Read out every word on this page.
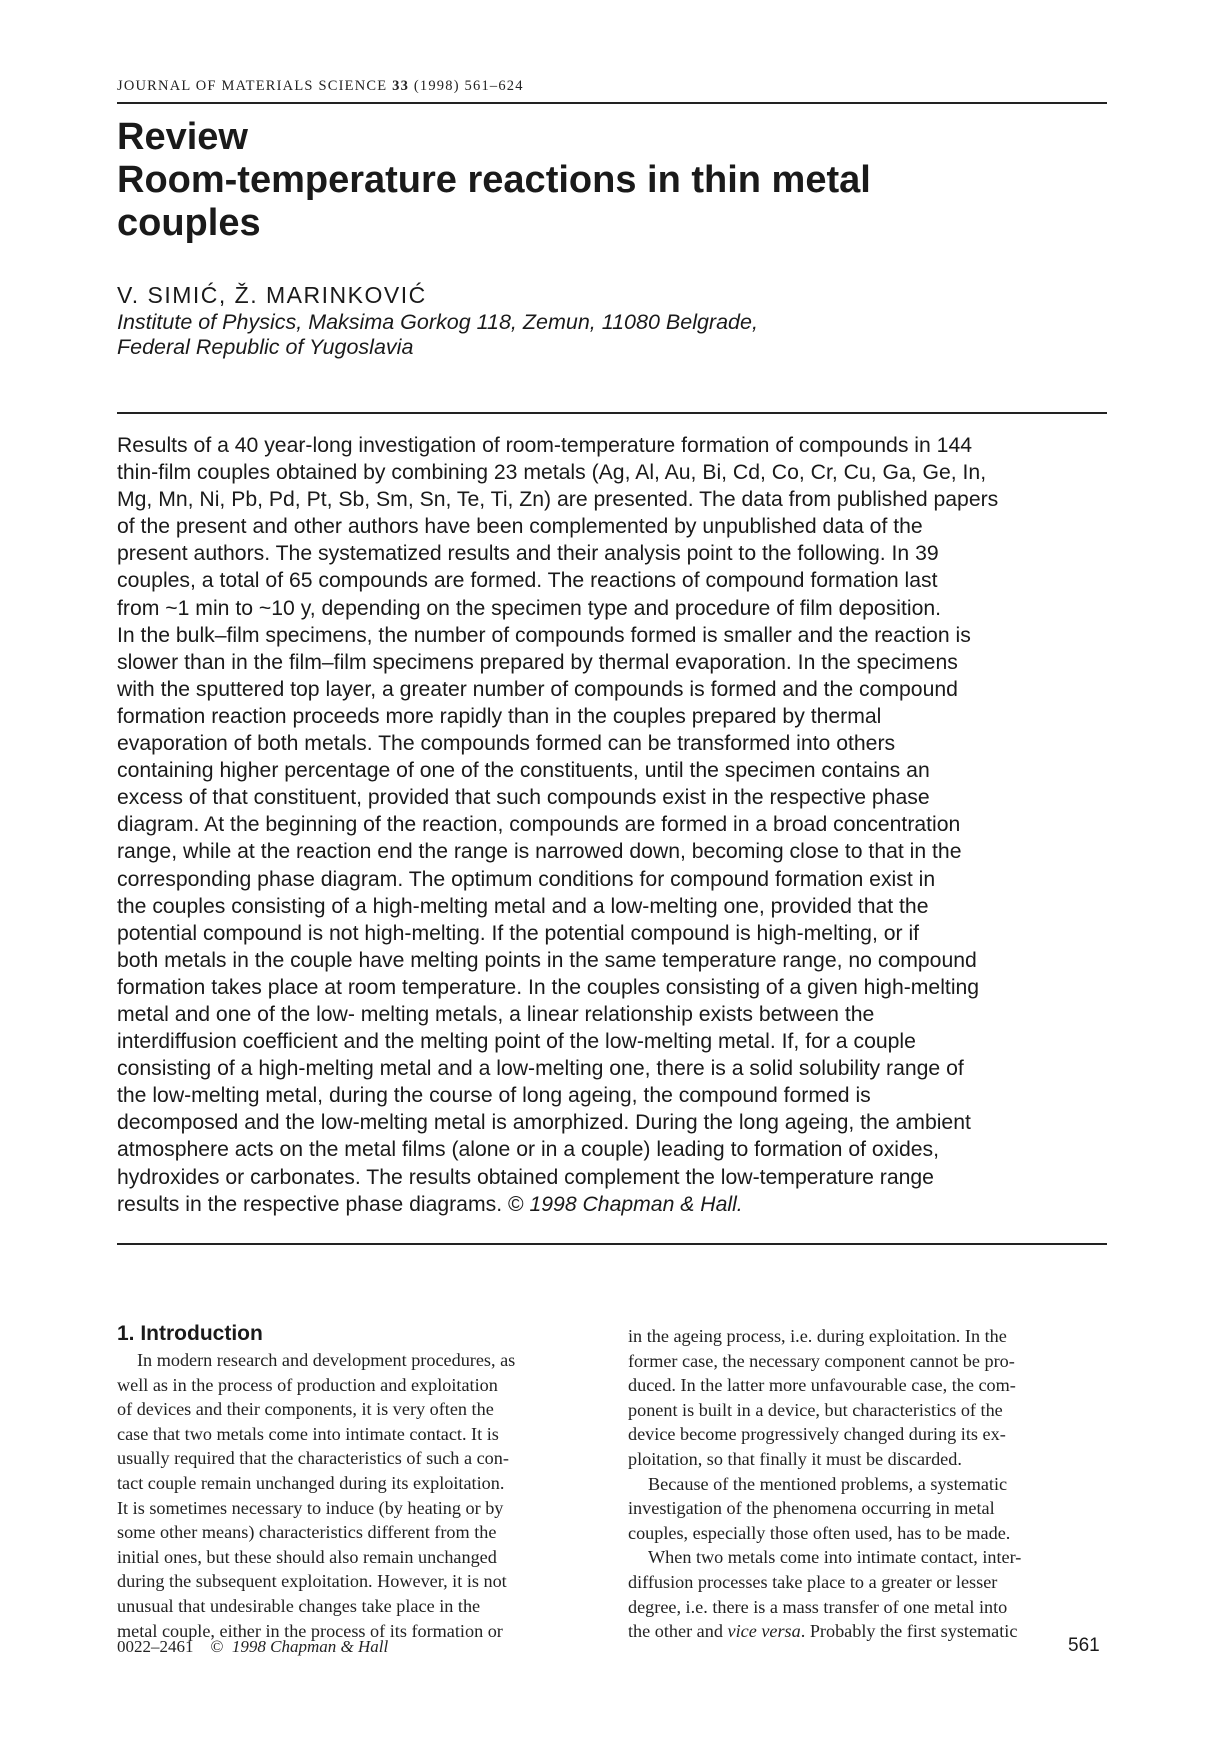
JOURNAL OF MATERIALS SCIENCE 33 (1998) 561–624
Review
Room-temperature reactions in thin metal
couples
V. SIMIĆ, Ž. MARINKOVIĆ
Institute of Physics, Maksima Gorkog 118, Zemun, 11080 Belgrade,
Federal Republic of Yugoslavia
Results of a 40 year-long investigation of room-temperature formation of compounds in 144
thin-film couples obtained by combining 23 metals (Ag, Al, Au, Bi, Cd, Co, Cr, Cu, Ga, Ge, In,
Mg, Mn, Ni, Pb, Pd, Pt, Sb, Sm, Sn, Te, Ti, Zn) are presented. The data from published papers
of the present and other authors have been complemented by unpublished data of the
present authors. The systematized results and their analysis point to the following. In 39
couples, a total of 65 compounds are formed. The reactions of compound formation last
from ~1 min to ~10 y, depending on the specimen type and procedure of film deposition.
In the bulk–film specimens, the number of compounds formed is smaller and the reaction is
slower than in the film–film specimens prepared by thermal evaporation. In the specimens
with the sputtered top layer, a greater number of compounds is formed and the compound
formation reaction proceeds more rapidly than in the couples prepared by thermal
evaporation of both metals. The compounds formed can be transformed into others
containing higher percentage of one of the constituents, until the specimen contains an
excess of that constituent, provided that such compounds exist in the respective phase
diagram. At the beginning of the reaction, compounds are formed in a broad concentration
range, while at the reaction end the range is narrowed down, becoming close to that in the
corresponding phase diagram. The optimum conditions for compound formation exist in
the couples consisting of a high-melting metal and a low-melting one, provided that the
potential compound is not high-melting. If the potential compound is high-melting, or if
both metals in the couple have melting points in the same temperature range, no compound
formation takes place at room temperature. In the couples consisting of a given high-melting
metal and one of the low- melting metals, a linear relationship exists between the
interdiffusion coefficient and the melting point of the low-melting metal. If, for a couple
consisting of a high-melting metal and a low-melting one, there is a solid solubility range of
the low-melting metal, during the course of long ageing, the compound formed is
decomposed and the low-melting metal is amorphized. During the long ageing, the ambient
atmosphere acts on the metal films (alone or in a couple) leading to formation of oxides,
hydroxides or carbonates. The results obtained complement the low-temperature range
results in the respective phase diagrams. © 1998 Chapman & Hall.
1. Introduction
In modern research and development procedures, as
well as in the process of production and exploitation
of devices and their components, it is very often the
case that two metals come into intimate contact. It is
usually required that the characteristics of such a con-
tact couple remain unchanged during its exploitation.
It is sometimes necessary to induce (by heating or by
some other means) characteristics different from the
initial ones, but these should also remain unchanged
during the subsequent exploitation. However, it is not
unusual that undesirable changes take place in the
metal couple, either in the process of its formation or
in the ageing process, i.e. during exploitation. In the
former case, the necessary component cannot be pro-
duced. In the latter more unfavourable case, the com-
ponent is built in a device, but characteristics of the
device become progressively changed during its ex-
ploitation, so that finally it must be discarded.
Because of the mentioned problems, a systematic
investigation of the phenomena occurring in metal
couples, especially those often used, has to be made.
When two metals come into intimate contact, inter-
diffusion processes take place to a greater or lesser
degree, i.e. there is a mass transfer of one metal into
the other and vice versa. Probably the first systematic
0022–2461 © 1998 Chapman & Hall	561
